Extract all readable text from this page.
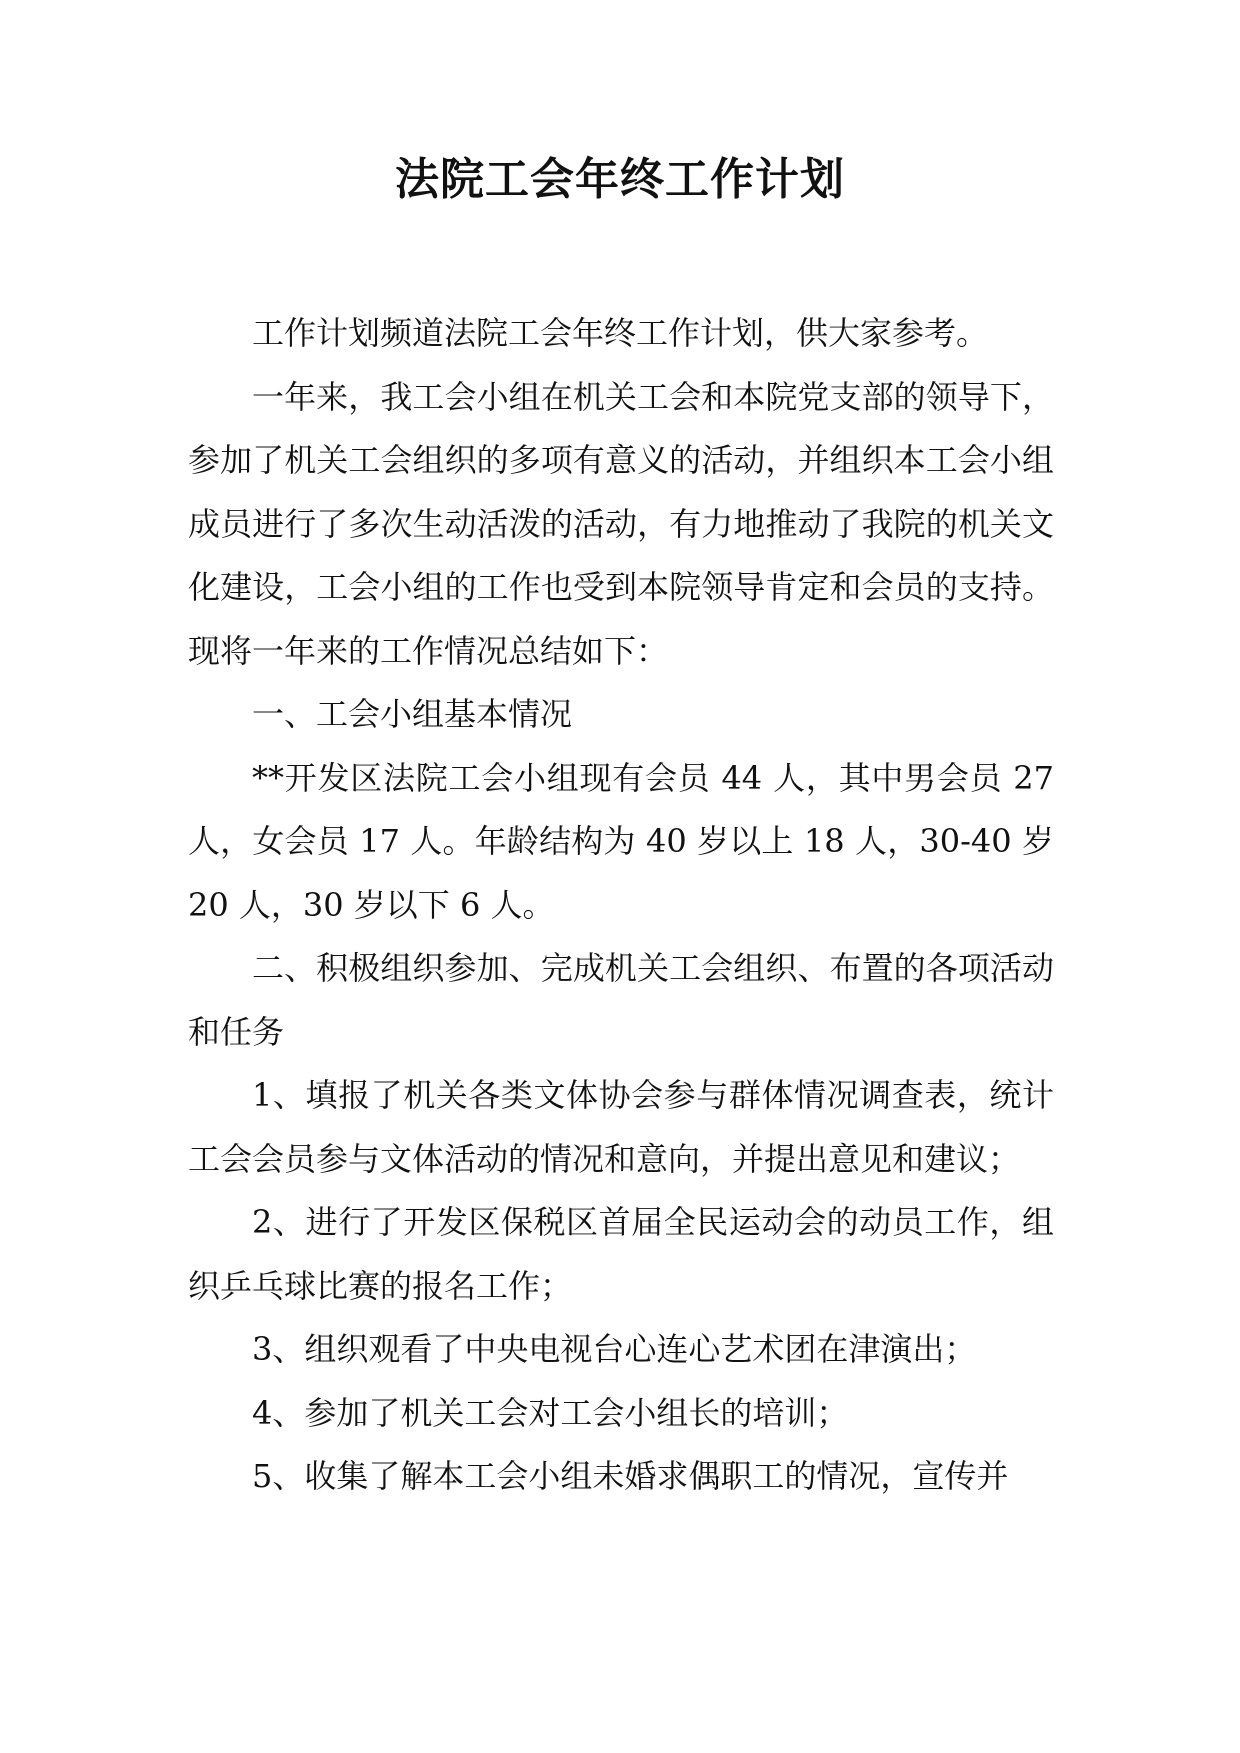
法院工会年终工作计划

工作计划频道法院工会年终工作计划，供大家参考。

一年来，我工会小组在机关工会和本院党支部的领导下，参加了机关工会组织的多项有意义的活动，并组织本工会小组成员进行了多次生动活泼的活动，有力地推动了我院的机关文化建设，工会小组的工作也受到本院领导肯定和会员的支持。现将一年来的工作情况总结如下：

一、工会小组基本情况

**开发区法院工会小组现有会员 44 人，其中男会员 27 人，女会员 17 人。年龄结构为 40 岁以上 18 人，30-40 岁 20 人，30 岁以下 6 人。

二、积极组织参加、完成机关工会组织、布置的各项活动和任务

1、填报了机关各类文体协会参与群体情况调查表，统计工会会员参与文体活动的情况和意向，并提出意见和建议；

2、进行了开发区保税区首届全民运动会的动员工作，组织乒乓球比赛的报名工作；

3、组织观看了中央电视台心连心艺术团在津演出；

4、参加了机关工会对工会小组长的培训；

5、收集了解本工会小组未婚求偶职工的情况，宣传并
